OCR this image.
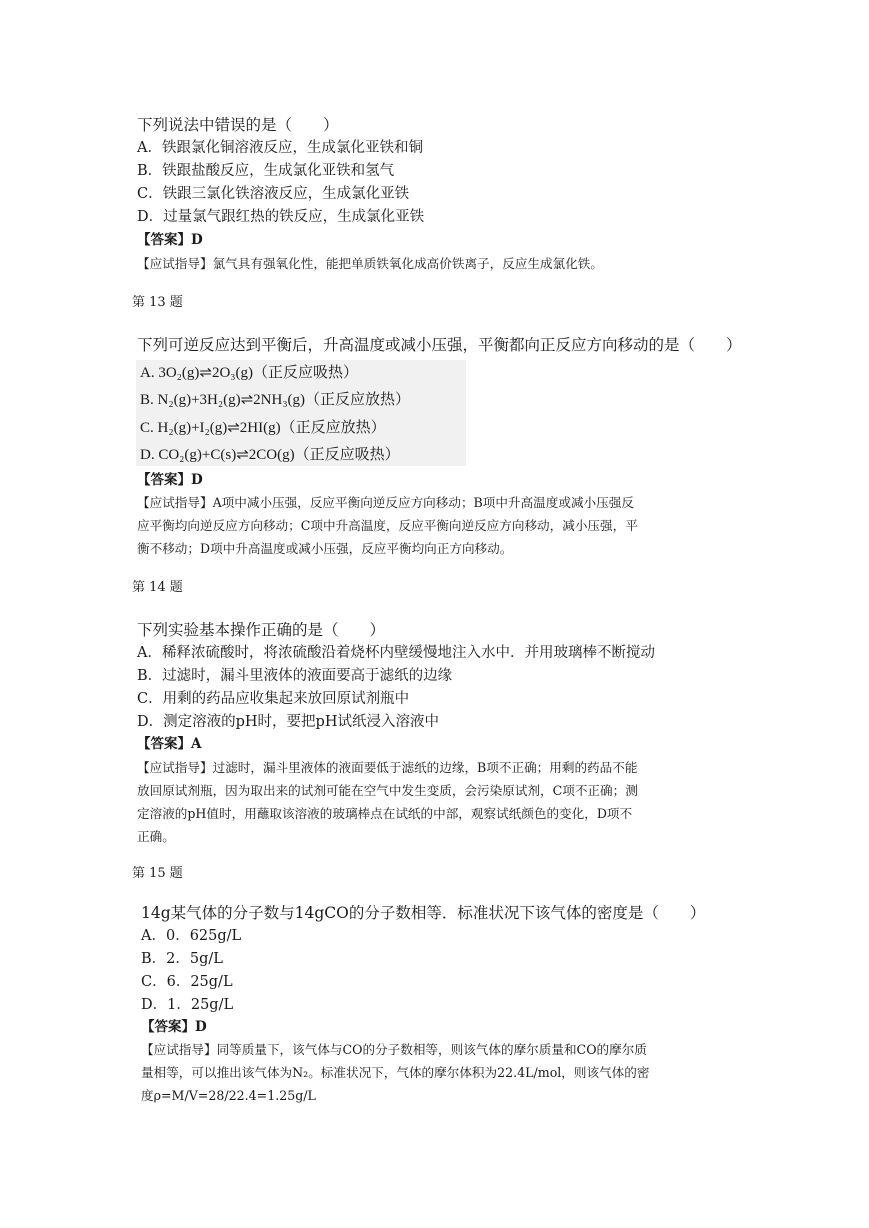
下列说法中错误的是（　　）
A．铁跟氯化铜溶液反应，生成氯化亚铁和铜
B．铁跟盐酸反应，生成氯化亚铁和氢气
C．铁跟三氯化铁溶液反应，生成氯化亚铁
D．过量氯气跟红热的铁反应，生成氯化亚铁
【答案】D
【应试指导】氯气具有强氧化性，能把单质铁氧化成高价铁离子，反应生成氯化铁。
第 13 题
下列可逆反应达到平衡后，升高温度或减小压强，平衡都向正反应方向移动的是（　　）
A. 3O₂(g)⇌2O₃(g)（正反应吸热）
B. N₂(g)+3H₂(g)⇌2NH₃(g)（正反应放热）
C. H₂(g)+I₂(g)⇌2HI(g)（正反应放热）
D. CO₂(g)+C(s)⇌2CO(g)（正反应吸热）
【答案】D
【应试指导】A项中减小压强，反应平衡向逆反应方向移动；B项中升高温度或减小压强反
应平衡均向逆反应方向移动；C项中升高温度，反应平衡向逆反应方向移动，减小压强，平
衡不移动；D项中升高温度或减小压强，反应平衡均向正方向移动。
第 14 题
下列实验基本操作正确的是（　　）
A．稀释浓硫酸时，将浓硫酸沿着烧杯内壁缓慢地注入水中．并用玻璃棒不断搅动
B．过滤时，漏斗里液体的液面要高于滤纸的边缘
C．用剩的药品应收集起来放回原试剂瓶中
D．测定溶液的pH时，要把pH试纸浸入溶液中
【答案】A
【应试指导】过滤时，漏斗里液体的液面要低于滤纸的边缘，B项不正确；用剩的药品不能
放回原试剂瓶，因为取出来的试剂可能在空气中发生变质，会污染原试剂，C项不正确；测
定溶液的pH值时，用蘸取该溶液的玻璃棒点在试纸的中部，观察试纸颜色的变化，D项不
正确。
第 15 题
14g某气体的分子数与14gCO的分子数相等．标准状况下该气体的密度是（　　）
A．0．625g/L
B．2．5g/L
C．6．25g/L
D．1．25g/L
【答案】D
【应试指导】同等质量下，该气体与CO的分子数相等，则该气体的摩尔质量和CO的摩尔质
量相等，可以推出该气体为N₂。标准状况下，气体的摩尔体积为22.4L/mol，则该气体的密
度ρ=M/V=28/22.4=1.25g/L
